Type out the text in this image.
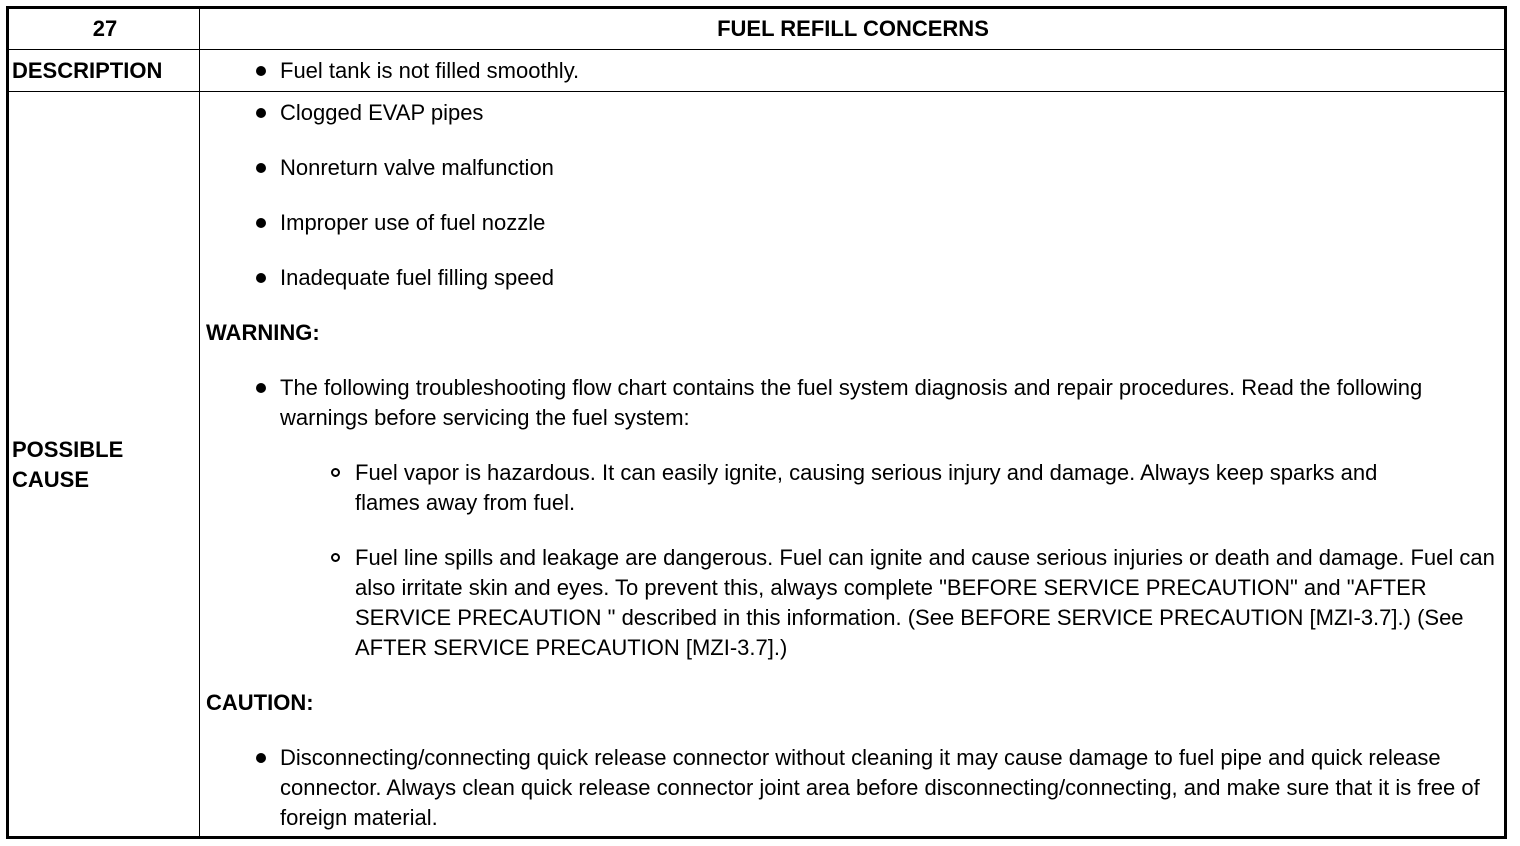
27	FUEL REFILL CONCERNS
DESCRIPTION	Fuel tank is not filled smoothly.
POSSIBLE CAUSE
Clogged EVAP pipes
Nonreturn valve malfunction
Improper use of fuel nozzle
Inadequate fuel filling speed
WARNING:
The following troubleshooting flow chart contains the fuel system diagnosis and repair procedures. Read the following warnings before servicing the fuel system:
Fuel vapor is hazardous. It can easily ignite, causing serious injury and damage. Always keep sparks and flames away from fuel.
Fuel line spills and leakage are dangerous. Fuel can ignite and cause serious injuries or death and damage. Fuel can also irritate skin and eyes. To prevent this, always complete "BEFORE SERVICE PRECAUTION" and "AFTER SERVICE PRECAUTION " described in this information. (See BEFORE SERVICE PRECAUTION [MZI-3.7].) (See AFTER SERVICE PRECAUTION [MZI-3.7].)
CAUTION:
Disconnecting/connecting quick release connector without cleaning it may cause damage to fuel pipe and quick release connector. Always clean quick release connector joint area before disconnecting/connecting, and make sure that it is free of foreign material.
